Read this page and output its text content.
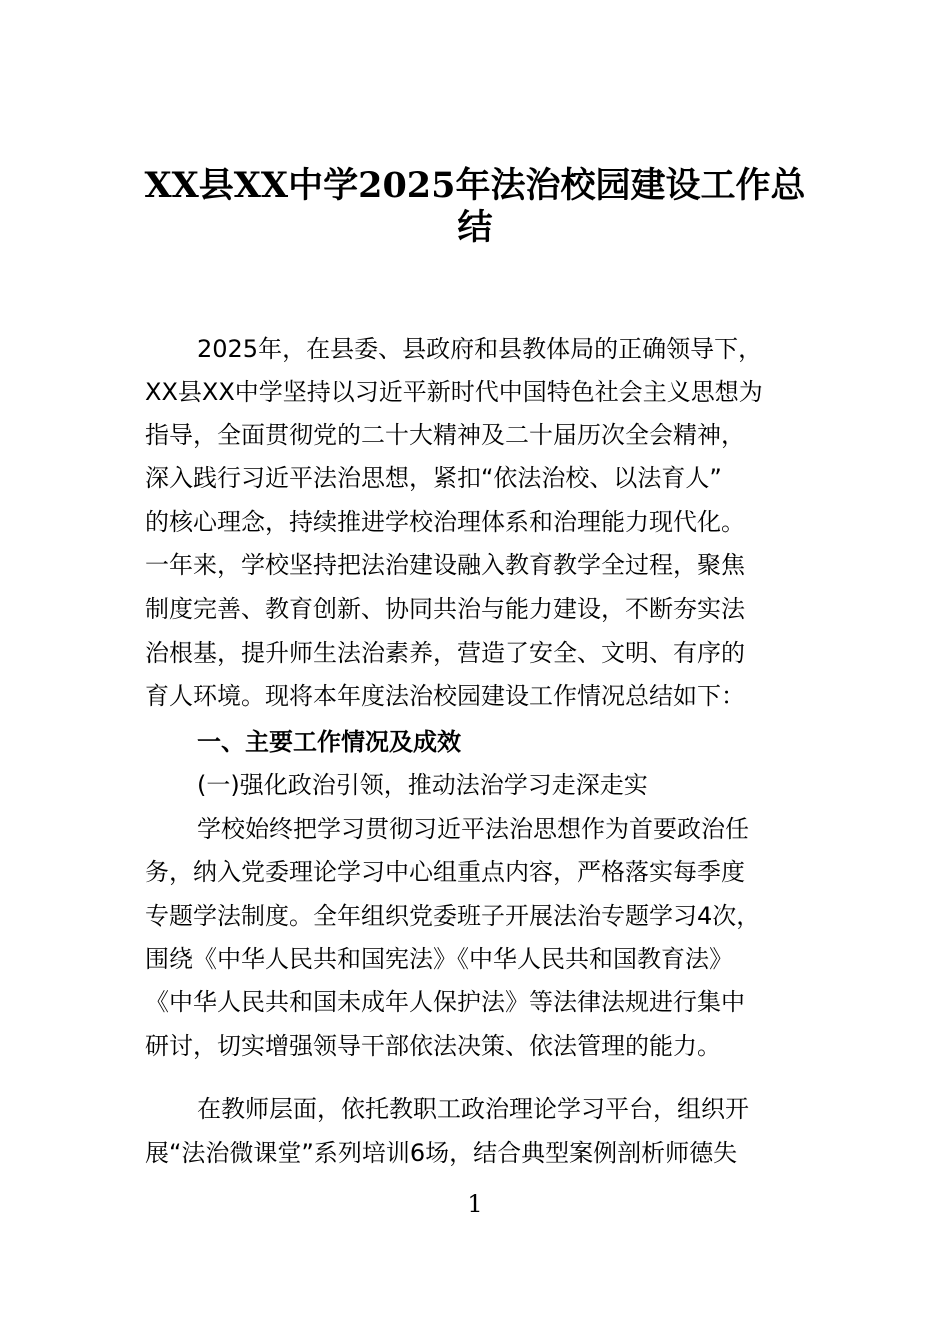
XX县XX中学2025年法治校园建设工作总
结
2025年，在县委、县政府和县教体局的正确领导下，
XX县XX中学坚持以习近平新时代中国特色社会主义思想为
指导，全面贯彻党的二十大精神及二十届历次全会精神，
深入践行习近平法治思想，紧扣“依法治校、以法育人”
的核心理念，持续推进学校治理体系和治理能力现代化。
一年来，学校坚持把法治建设融入教育教学全过程，聚焦
制度完善、教育创新、协同共治与能力建设，不断夯实法
治根基，提升师生法治素养，营造了安全、文明、有序的
育人环境。现将本年度法治校园建设工作情况总结如下：
一、主要工作情况及成效
(一)强化政治引领，推动法治学习走深走实
学校始终把学习贯彻习近平法治思想作为首要政治任
务，纳入党委理论学习中心组重点内容，严格落实每季度
专题学法制度。全年组织党委班子开展法治专题学习4次，
围绕《中华人民共和国宪法》《中华人民共和国教育法》
《中华人民共和国未成年人保护法》等法律法规进行集中
研讨，切实增强领导干部依法决策、依法管理的能力。
在教师层面，依托教职工政治理论学习平台，组织开
展“法治微课堂”系列培训6场，结合典型案例剖析师德失
1
